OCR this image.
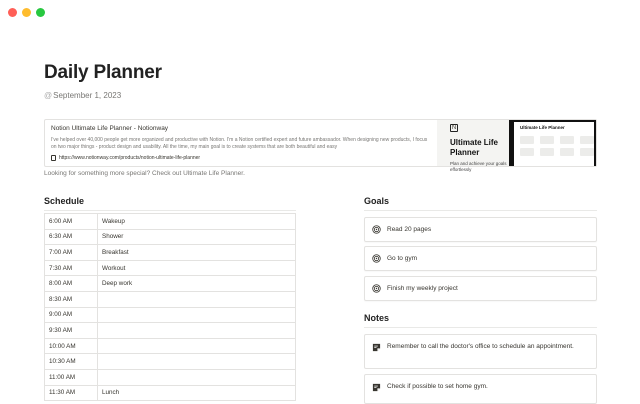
Daily Planner
@ September 1, 2023
Notion Ultimate Life Planner - Notionway
I've helped over 40,000 people get more organized and productive with Notion. I'm a Notion certified expert and future ambassador. When designing new products, I focus on two major things - product design and usability. All the time, my main goal is to create systems that are both beautiful and easy
https://www.notionway.com/products/notion-ultimate-life-planner
N
Ultimate Life Planner
Plan and achieve your goals effortlessly
Ultimate Life Planner
Looking for something more special? Check out Ultimate Life Planner.
Schedule
6:00 AM	Wakeup
6:30 AM	Shower
7:00 AM	Breakfast
7:30 AM	Workout
8:00 AM	Deep work
8:30 AM
9:00 AM
9:30 AM
10:00 AM
10:30 AM
11:00 AM
11:30 AM	Lunch
Goals
Read 20 pages
Go to gym
Finish my weekly project
Notes
Remember to call the doctor's office to schedule an appointment.
Check if possible to set home gym.
